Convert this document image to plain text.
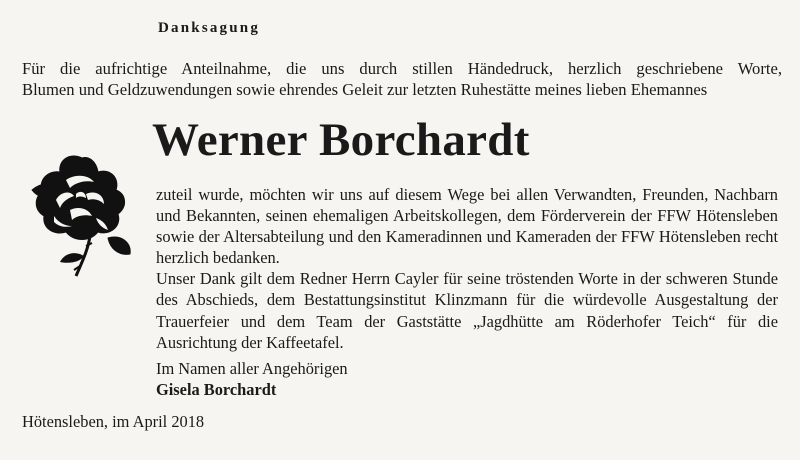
Danksagung
Für die aufrichtige Anteilnahme, die uns durch stillen Händedruck, herzlich geschriebene Worte,
Blumen und Geldzuwendungen sowie ehrendes Geleit zur letzten Ruhestätte meines lieben Ehemannes
Werner Borchardt

zuteil wurde, möchten wir uns auf diesem Wege bei allen Verwandten, Freunden, Nachbarn und Bekannten, seinen ehemaligen Arbeitskollegen, dem Förderverein der FFW Hötensleben sowie der Altersabteilung und den Kameradinnen und Kameraden der FFW Hötensleben recht herzlich bedanken.

Unser Dank gilt dem Redner Herrn Cayler für seine tröstenden Worte in der schweren Stunde des Abschieds, dem Bestattungsinstitut Klinzmann für die würdevolle Ausgestaltung der Trauerfeier und dem Team der Gaststätte „Jagdhütte am Röderhofer Teich“ für die Ausrichtung der Kaffeetafel.

Im Namen aller Angehörigen
Gisela Borchardt
Hötensleben, im April 2018
